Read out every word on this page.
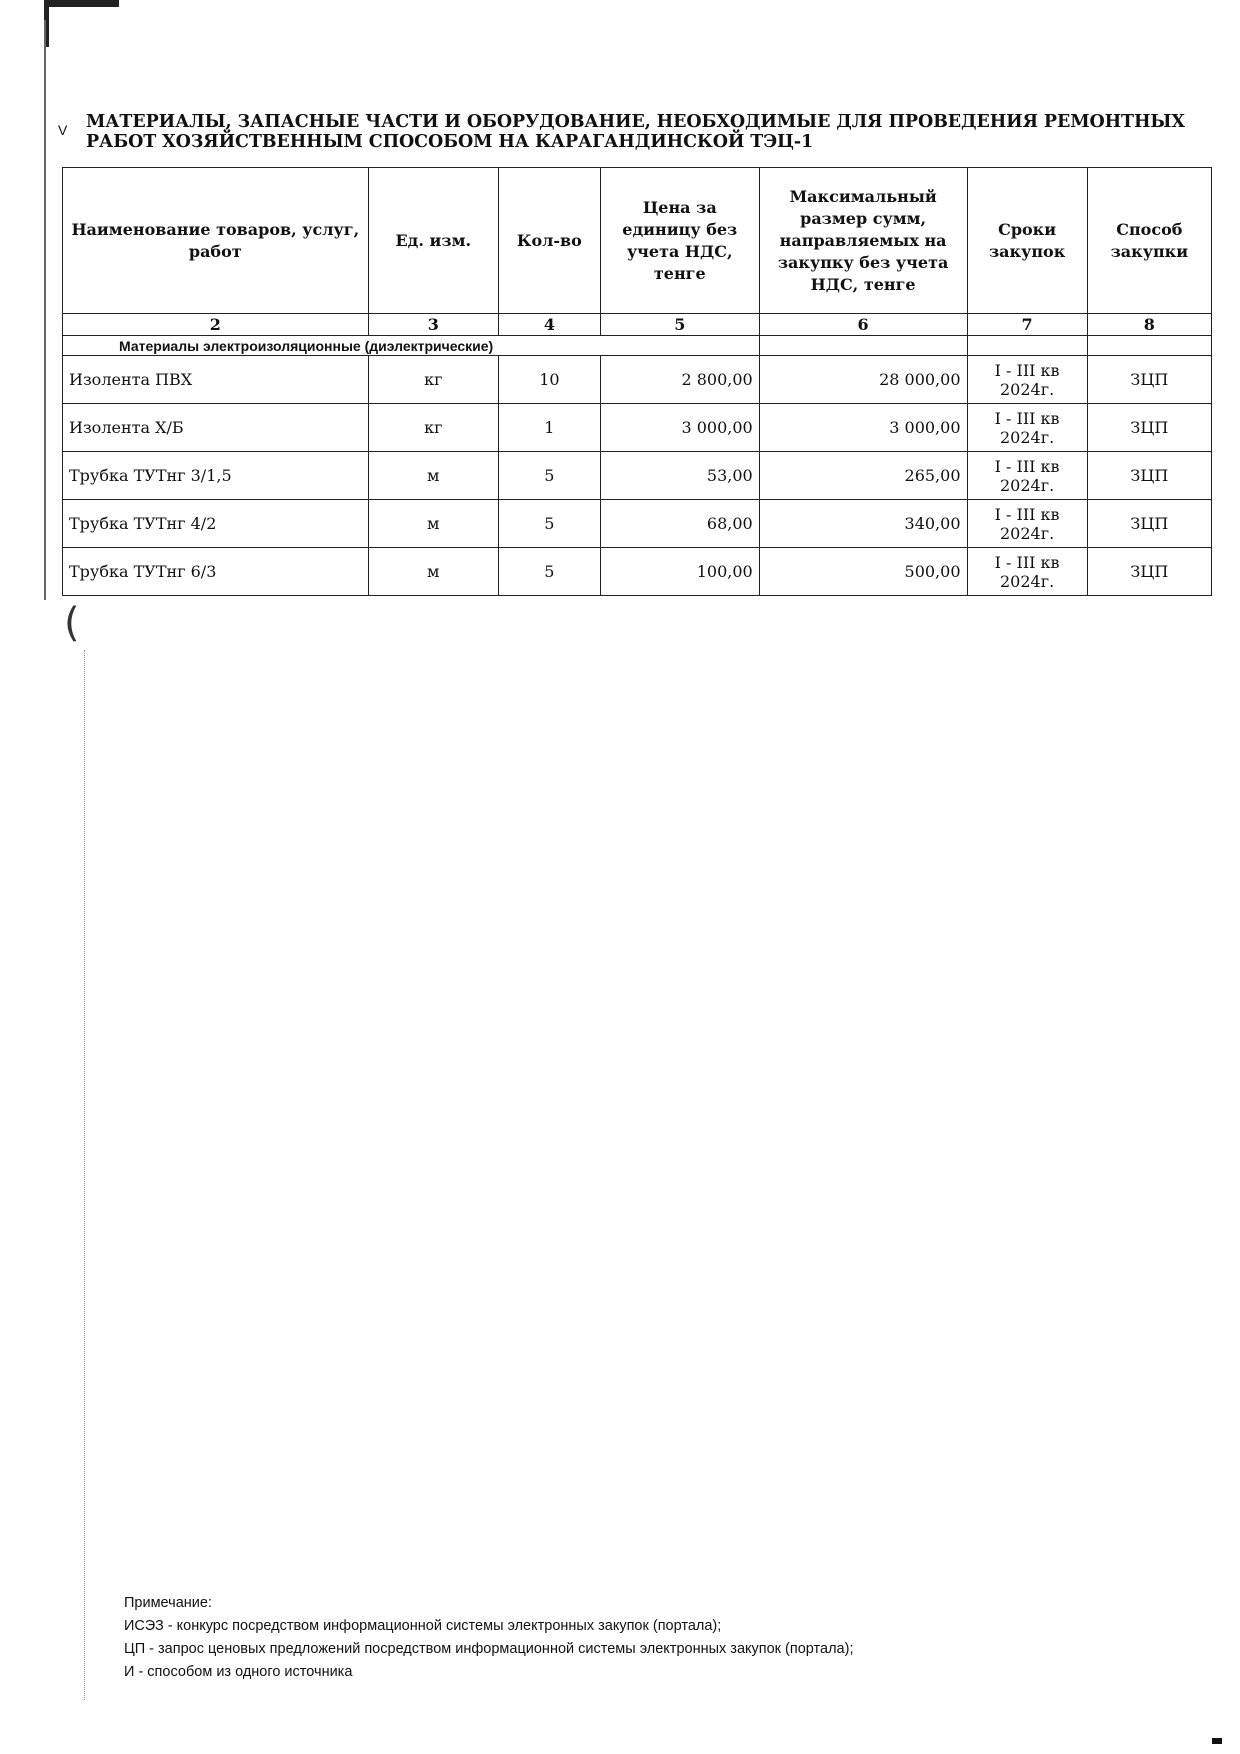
V МАТЕРИАЛЫ, ЗАПАСНЫЕ ЧАСТИ И ОБОРУДОВАНИЕ, НЕОБХОДИМЫЕ ДЛЯ ПРОВЕДЕНИЯ РЕМОНТНЫХ РАБОТ ХОЗЯЙСТВЕННЫМ СПОСОБОМ НА КАРАГАНДИНСКОЙ ТЭЦ-1
Наименование товаров, услуг, работ	Ед. изм.	Кол-во	Цена за единицу без учета НДС, тенге	Максимальный размер сумм, направляемых на закупку без учета НДС, тенге	Сроки закупок	Способ закупки
2	3	4	5	6	7	8
Материалы электроизоляционные (диэлектрические)						
Изолента ПВХ	кг	10	2 800,00	28 000,00	I - III кв 2024г.	ЗЦП
Изолента Х/Б	кг	1	3 000,00	3 000,00	I - III кв 2024г.	ЗЦП
Трубка ТУТнг 3/1,5	м	5	53,00	265,00	I - III кв 2024г.	ЗЦП
Трубка ТУТнг 4/2	м	5	68,00	340,00	I - III кв 2024г.	ЗЦП
Трубка ТУТнг 6/3	м	5	100,00	500,00	I - III кв 2024г.	ЗЦП
(
Примечание:
ИСЭЗ - конкурс посредством информационной системы электронных закупок (портала);
ЦП - запрос ценовых предложений посредством информационной системы электронных закупок (портала);
И - способом из одного источника
